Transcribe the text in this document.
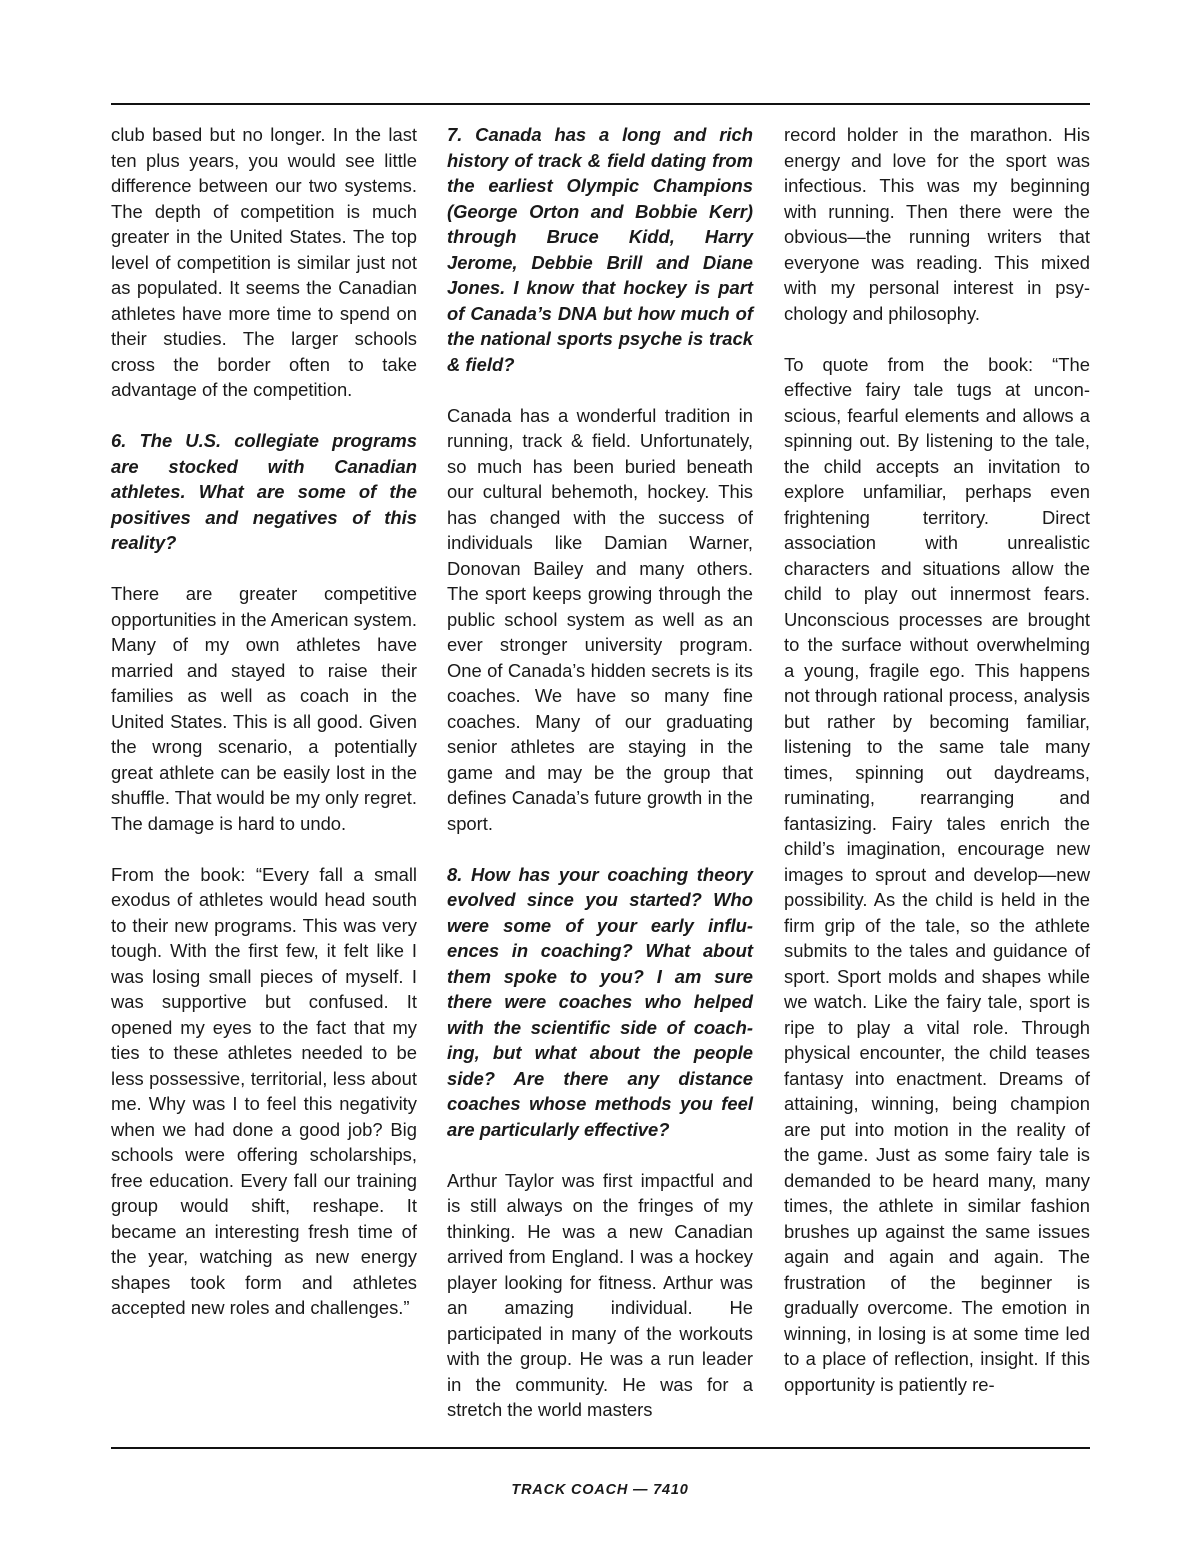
club based but no longer. In the last ten plus years, you would see little difference between our two systems. The depth of competition is much greater in the United States. The top level of competition is similar just not as populated. It seems the Canadian athletes have more time to spend on their studies. The larger schools cross the border often to take advantage of the competition.

6. The U.S. collegiate programs are stocked with Canadian athletes. What are some of the positives and negatives of this reality?

There are greater competitive opportunities in the American system. Many of my own athletes have married and stayed to raise their families as well as coach in the United States. This is all good. Given the wrong scenario, a potentially great athlete can be easily lost in the shuffle. That would be my only regret. The damage is hard to undo.

From the book: “Every fall a small exodus of athletes would head south to their new programs. This was very tough. With the first few, it felt like I was losing small pieces of myself. I was supportive but confused. It opened my eyes to the fact that my ties to these athletes needed to be less possessive, territorial, less about me. Why was I to feel this negativity when we had done a good job? Big schools were offering scholarships, free education. Every fall our training group would shift, reshape. It became an interesting fresh time of the year, watching as new energy shapes took form and athletes accepted new roles and challenges.”

7. Canada has a long and rich history of track & field dating from the earliest Olympic Champions (George Orton and Bobbie Kerr) through Bruce Kidd, Harry Jerome, Debbie Brill and Diane Jones. I know that hockey is part of Canada’s DNA but how much of the national sports psyche is track & field?

Canada has a wonderful tradition in running, track & field. Unfortunately, so much has been buried beneath our cultural behemoth, hockey. This has changed with the success of individuals like Damian Warner, Donovan Bailey and many others. The sport keeps growing through the public school system as well as an ever stronger university program. One of Canada’s hidden secrets is its coaches. We have so many fine coaches. Many of our graduating senior athletes are staying in the game and may be the group that defines Canada’s future growth in the sport.

8. How has your coaching theory evolved since you started? Who were some of your early influences in coaching? What about them spoke to you? I am sure there were coaches who helped with the scientific side of coaching, but what about the people side? Are there any distance coaches whose methods you feel are particularly effective?

Arthur Taylor was first impactful and is still always on the fringes of my thinking. He was a new Canadian arrived from England. I was a hockey player looking for fitness. Arthur was an amazing individual. He participated in many of the workouts with the group. He was a run leader in the community. He was for a stretch the world masters

record holder in the marathon. His energy and love for the sport was infectious. This was my beginning with running. Then there were the obvious—the running writers that everyone was reading. This mixed with my personal interest in psychology and philosophy.

To quote from the book: “The effective fairy tale tugs at unconscious, fearful elements and allows a spinning out. By listening to the tale, the child accepts an invitation to explore unfamiliar, perhaps even frightening territory. Direct association with unrealistic characters and situations allow the child to play out innermost fears. Unconscious processes are brought to the surface without overwhelming a young, fragile ego. This happens not through rational process, analysis but rather by becoming familiar, listening to the same tale many times, spinning out daydreams, ruminating, rearranging and fantasizing. Fairy tales enrich the child’s imagination, encourage new images to sprout and develop—new possibility. As the child is held in the firm grip of the tale, so the athlete submits to the tales and guidance of sport. Sport molds and shapes while we watch. Like the fairy tale, sport is ripe to play a vital role. Through physical encounter, the child teases fantasy into enactment. Dreams of attaining, winning, being champion are put into motion in the reality of the game. Just as some fairy tale is demanded to be heard many, many times, the athlete in similar fashion brushes up against the same issues again and again and again. The frustration of the beginner is gradually overcome. The emotion in winning, in losing is at some time led to a place of reflection, insight. If this opportunity is patiently re-

TRACK COACH — 7410
